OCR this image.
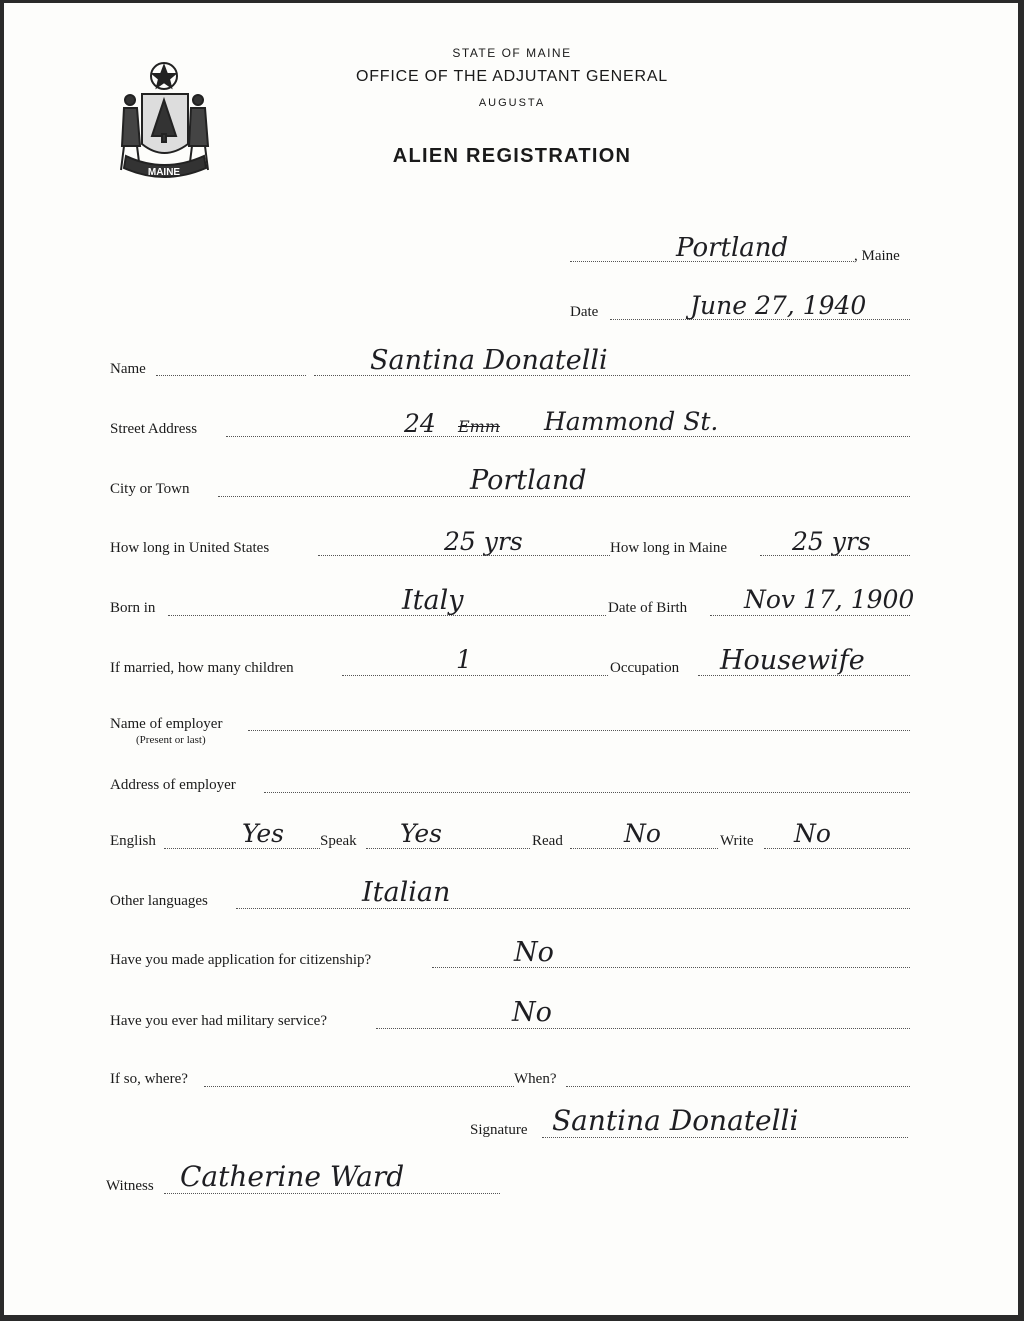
MAINE
STATE OF MAINE
OFFICE OF THE ADJUTANT GENERAL
AUGUSTA
ALIEN REGISTRATION
Portland	, Maine
Date	June 27, 1940
Name	Santina Donatelli
Street Address	24 Emm Hammond St.
City or Town	Portland
How long in United States	25 yrs	How long in Maine	25 yrs
Born in	Italy	Date of Birth Nov 17, 1900
If married, how many children	1	Occupation Housewife
Name of employer
(Present or last)
Address of employer
English	Yes Speak Yes	Read No	Write No
Other languages	Italian
Have you made application for citizenship?	No
Have you ever had military service?	No
If so, where?	When?
Signature Santina Donatelli
Witness Catherine Ward
